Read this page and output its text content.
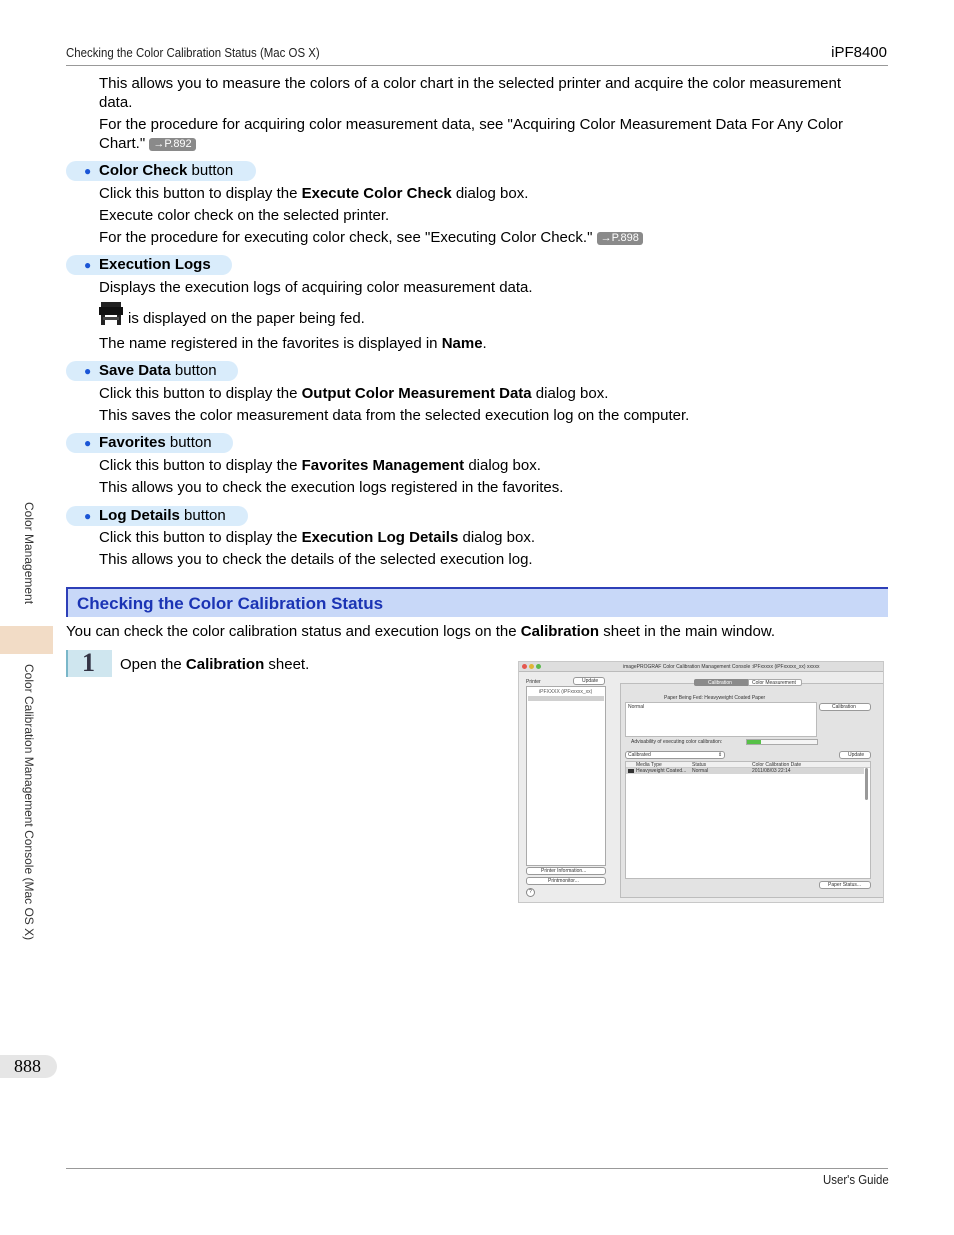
Checking the Color Calibration Status (Mac OS X)	iPF8400
This allows you to measure the colors of a color chart in the selected printer and acquire the color measurement
data.
For the procedure for acquiring color measurement data, see "Acquiring Color Measurement Data For Any Color
Chart." →P.892
● Color Check button
Click this button to display the Execute Color Check dialog box.
Execute color check on the selected printer.
For the procedure for executing color check, see "Executing Color Check." →P.898
● Execution Logs
Displays the execution logs of acquiring color measurement data.
is displayed on the paper being fed.
The name registered in the favorites is displayed in Name.
● Save Data button
Click this button to display the Output Color Measurement Data dialog box.
This saves the color measurement data from the selected execution log on the computer.
● Favorites button
Click this button to display the Favorites Management dialog box.
This allows you to check the execution logs registered in the favorites.
● Log Details button
Click this button to display the Execution Log Details dialog box.
This allows you to check the details of the selected execution log.
Checking the Color Calibration Status
You can check the color calibration status and execution logs on the Calibration sheet in the main window.
1 Open the Calibration sheet.	imagePROGRAF Color Calibration Management Console :iPFxxxxx (iPFxxxxx_xx) xxxxx
Printer	Update
iPFXXXX (iPFxxxxx_xx)
Printer Information...
Printmonitor...
?
Calibration	Color Measurement
Paper Being Fed: Heavyweight Coated Paper
Normal	Calibration
Advisability of executing color calibration:
Calibrated	⇕	Update
Media Type	Status	Color Calibration Date
Heavyweight Coated... Normal	2011/08/03 22:14
Paper Status...
Color Management
Color Calibration Management Console (Mac OS X)
888
User's Guide
